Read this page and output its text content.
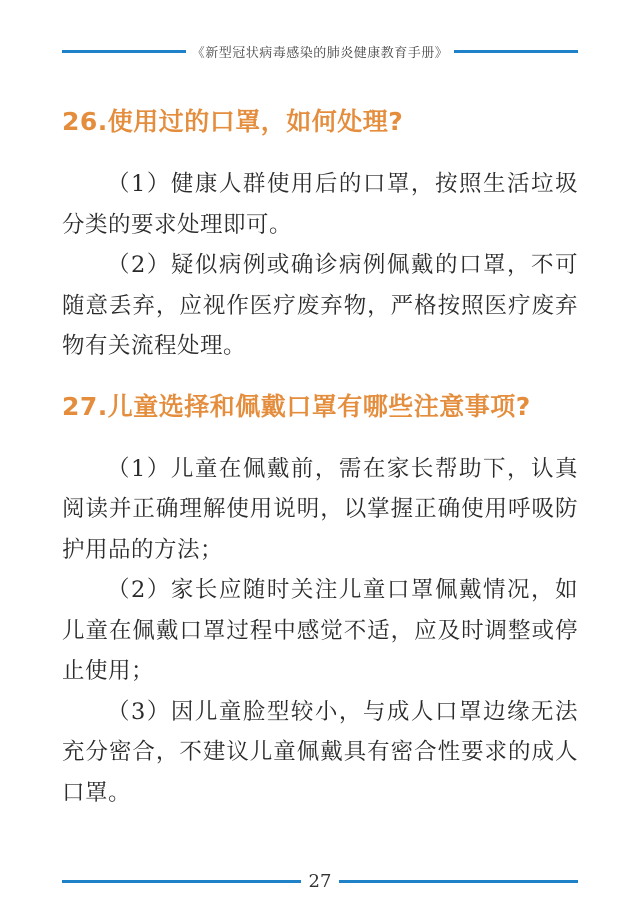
《新型冠状病毒感染的肺炎健康教育手册》
26.使用过的口罩，如何处理?

（1）健康人群使用后的口罩，按照生活垃圾分类的要求处理即可。

（2）疑似病例或确诊病例佩戴的口罩，不可随意丢弃，应视作医疗废弃物，严格按照医疗废弃物有关流程处理。

27.儿童选择和佩戴口罩有哪些注意事项?

（1）儿童在佩戴前，需在家长帮助下，认真阅读并正确理解使用说明，以掌握正确使用呼吸防护用品的方法；

（2）家长应随时关注儿童口罩佩戴情况，如儿童在佩戴口罩过程中感觉不适，应及时调整或停止使用；

（3）因儿童脸型较小，与成人口罩边缘无法充分密合，不建议儿童佩戴具有密合性要求的成人口罩。

27
